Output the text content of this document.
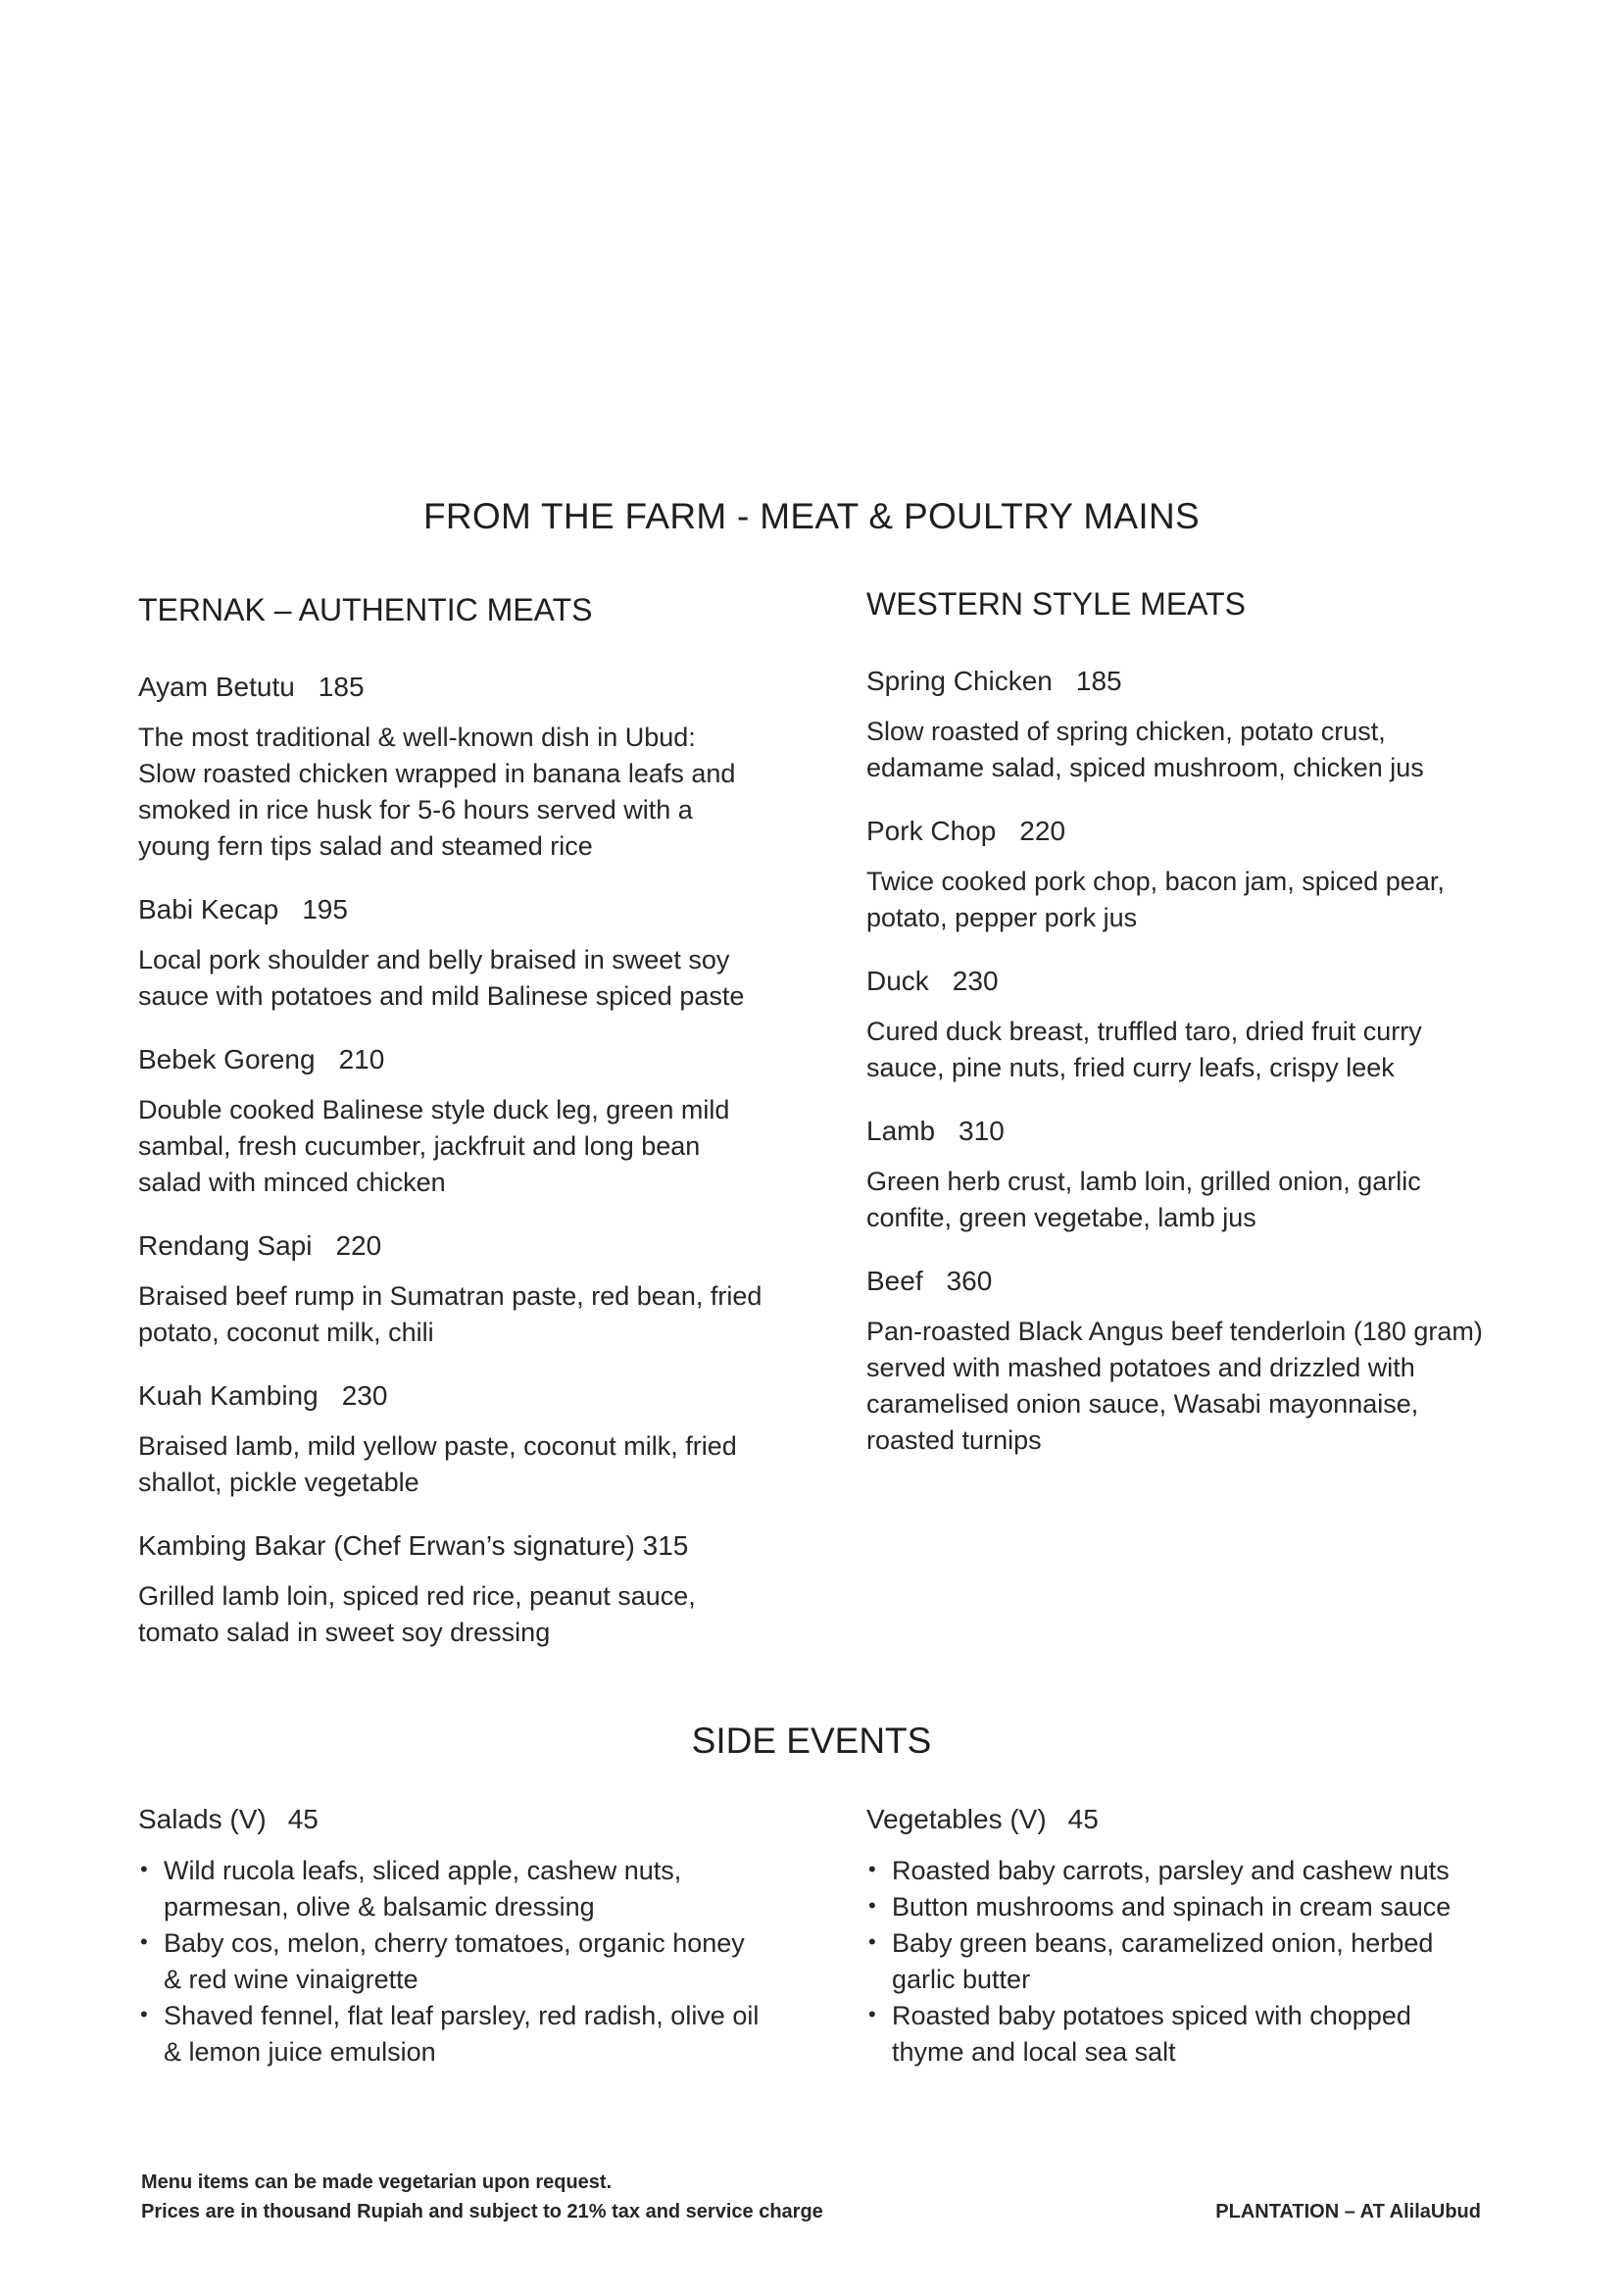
FROM THE FARM - MEAT & POULTRY MAINS
TERNAK – AUTHENTIC MEATS
Ayam Betutu 185

The most traditional & well-known dish in Ubud: Slow roasted chicken wrapped in banana leafs and smoked in rice husk for 5-6 hours served with a young fern tips salad and steamed rice

Babi Kecap 195

Local pork shoulder and belly braised in sweet soy sauce with potatoes and mild Balinese spiced paste

Bebek Goreng 210

Double cooked Balinese style duck leg, green mild sambal, fresh cucumber, jackfruit and long bean salad with minced chicken

Rendang Sapi 220

Braised beef rump in Sumatran paste, red bean, fried potato, coconut milk, chili

Kuah Kambing 230

Braised lamb, mild yellow paste, coconut milk, fried shallot, pickle vegetable

Kambing Bakar (Chef Erwan’s signature) 315

Grilled lamb loin, spiced red rice, peanut sauce, tomato salad in sweet soy dressing

WESTERN STYLE MEATS
Spring Chicken 185

Slow roasted of spring chicken, potato crust, edamame salad, spiced mushroom, chicken jus

Pork Chop 220

Twice cooked pork chop, bacon jam, spiced pear, potato, pepper pork jus

Duck 230

Cured duck breast, truffled taro, dried fruit curry sauce, pine nuts, fried curry leafs, crispy leek

Lamb 310

Green herb crust, lamb loin, grilled onion, garlic confite, green vegetabe, lamb jus

Beef 360

Pan-roasted Black Angus beef tenderloin (180 gram) served with mashed potatoes and drizzled with caramelised onion sauce, Wasabi mayonnaise, roasted turnips

SIDE EVENTS
Salads (V) 45
• Wild rucola leafs, sliced apple, cashew nuts, parmesan, olive & balsamic dressing
• Baby cos, melon, cherry tomatoes, organic honey & red wine vinaigrette
• Shaved fennel, flat leaf parsley, red radish, olive oil & lemon juice emulsion
Vegetables (V) 45
• Roasted baby carrots, parsley and cashew nuts
• Button mushrooms and spinach in cream sauce
• Baby green beans, caramelized onion, herbed garlic butter
• Roasted baby potatoes spiced with chopped thyme and local sea salt
Menu items can be made vegetarian upon request.
Prices are in thousand Rupiah and subject to 21% tax and service charge	PLANTATION – AT AlilaUbud
